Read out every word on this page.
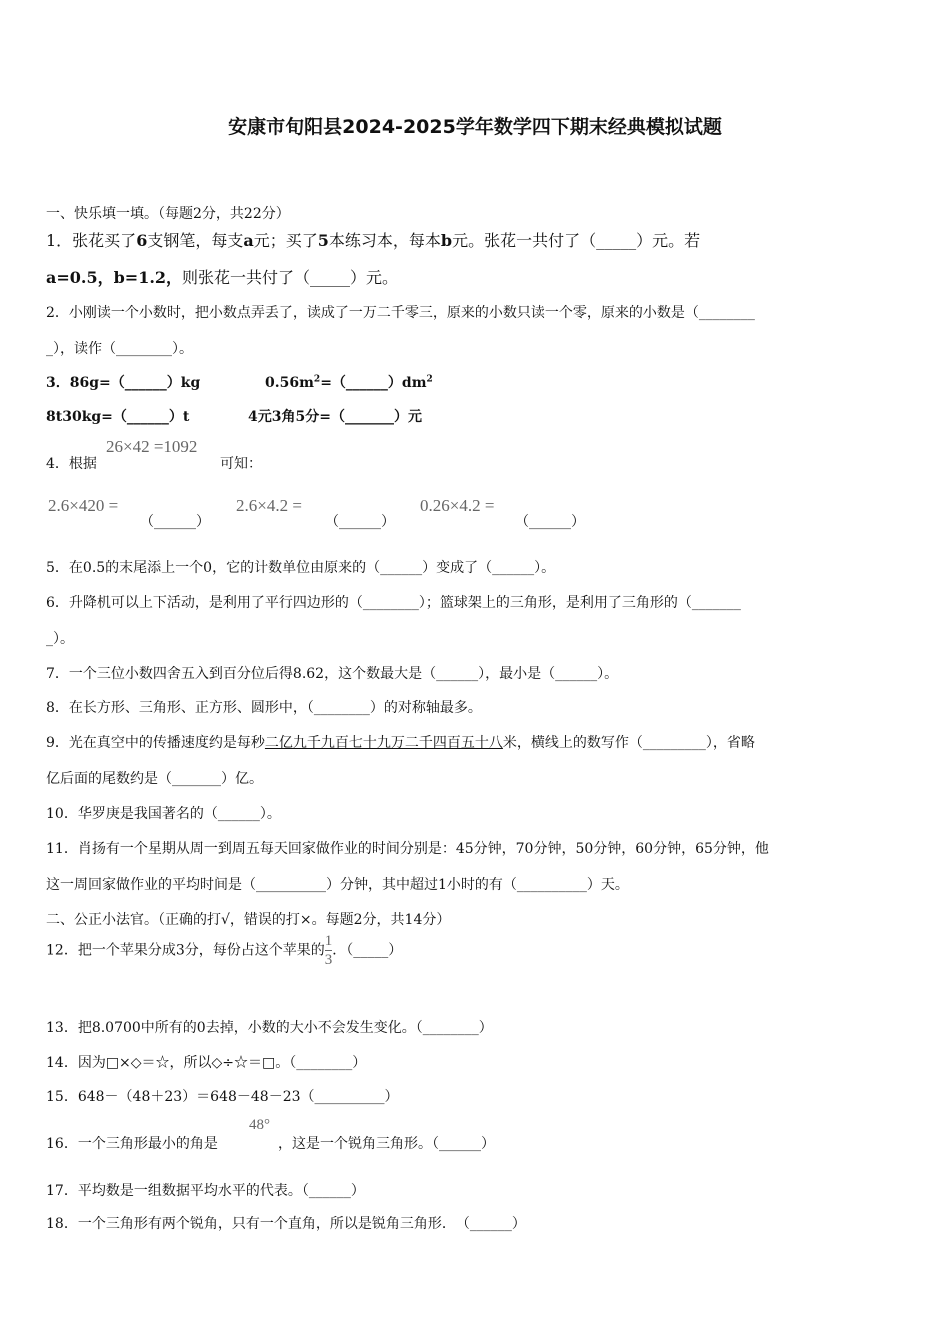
安康市旬阳县2024-2025学年数学四下期末经典模拟试题
一、快乐填一填。（每题2分，共22分）
1．张花买了6支钢笔，每支a元；买了5本练习本，每本b元。张花一共付了（_____）元。若
a=0.5，b=1.2，则张花一共付了（_____）元。
2．小刚读一个小数时，把小数点弄丢了，读成了一万二千零三，原来的小数只读一个零，原来的小数是（________
_），读作（________）。
3．86g=（______）kg	$0.56m^2=(\_\_\_\_\_\_)dm^2$
8t30kg=（______）t	4元3角5分=（_______）元
4．根据
26×42 =1092
可知：
2.6×420 =
（______）
2.6×4.2 =
（______）
0.26×4.2 =
（______）
5．在0.5的末尾添上一个0，它的计数单位由原来的（______）变成了（______）。
6．升降机可以上下活动，是利用了平行四边形的（________）；篮球架上的三角形，是利用了三角形的（_______
_）。
7．一个三位小数四舍五入到百分位后得8.62，这个数最大是（______），最小是（______）。
8．在长方形、三角形、正方形、圆形中，（________）的对称轴最多。
9．光在真空中的传播速度约是每秒二亿九千九百七十九万二千四百五十八米，横线上的数写作（_________），省略
亿后面的尾数约是（_______）亿。
10．华罗庚是我国著名的（______）。
11．肖扬有一个星期从周一到周五每天回家做作业的时间分别是：45分钟，70分钟，50分钟，60分钟，65分钟，他
这一周回家做作业的平均时间是（__________）分钟，其中超过1小时的有（__________）天。
二、公正小法官。（正确的打√，错误的打×。每题2分，共14分）
12．把一个苹果分成3分，每份占这个苹果的$\frac{1}{3}$ ．（_____）
13．把8.0700中所有的0去掉，小数的大小不会发生变化。（________）
14．因为□×◇＝☆，所以◇÷☆＝□。（________）
15．648－（48＋23）＝648－48－23（__________）
16．一个三角形最小的角是
48°
，这是一个锐角三角形。（______）
17．平均数是一组数据平均水平的代表。（______）
18．一个三角形有两个锐角，只有一个直角，所以是锐角三角形．　（______）
